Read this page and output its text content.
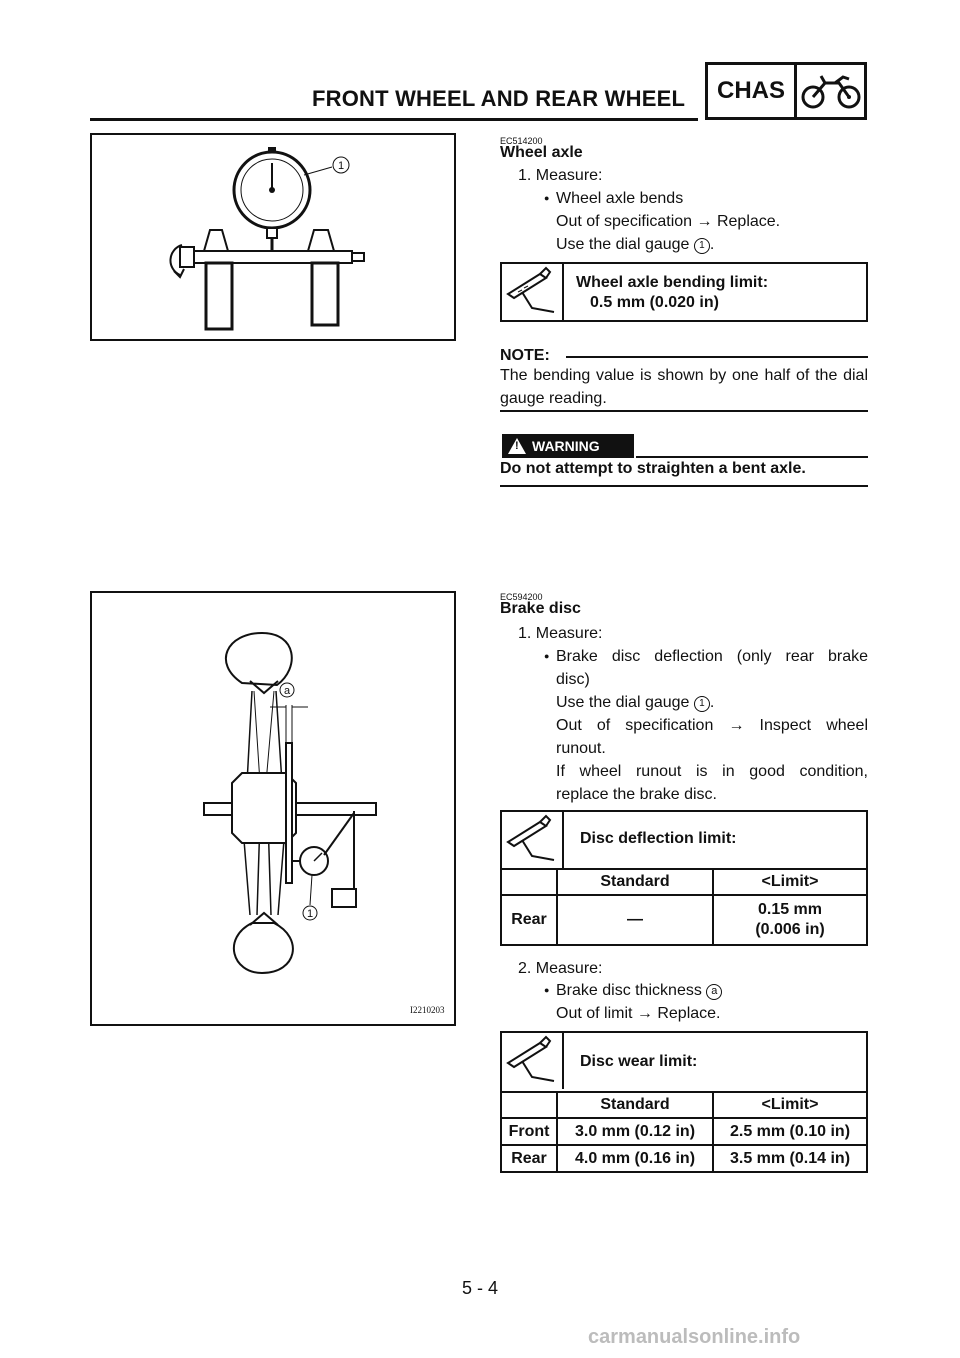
FRONT WHEEL AND REAR WHEEL	CHAS
1
EC514200
Wheel axle
1. Measure:
● Wheel axle bends
Out of specification → Replace.
Use the dial gauge 1 .
Wheel axle bending limit:
0.5 mm (0.020 in)
NOTE:
The bending value is shown by one half of the dial gauge reading.
!
WARNING
Do not attempt to straighten a bent axle.
a
1
I2210203
EC594200
Brake disc
1. Measure:
● Brake disc deflection (only rear brake
disc)
Use the dial gauge 1 .
Out of specification → Inspect wheel
runout.
If wheel runout is in good condition,
replace the brake disc.
Disc deflection limit:
	Standard	<Limit>
Rear	—	0.15 mm
(0.006 in)
2. Measure:
● Brake disc thickness a
Out of limit → Replace.
Disc wear limit:
	Standard	<Limit>
Front	3.0 mm (0.12 in)	2.5 mm (0.10 in)
Rear	4.0 mm (0.16 in)	3.5 mm (0.14 in)
5 - 4
carmanualsonline.info
